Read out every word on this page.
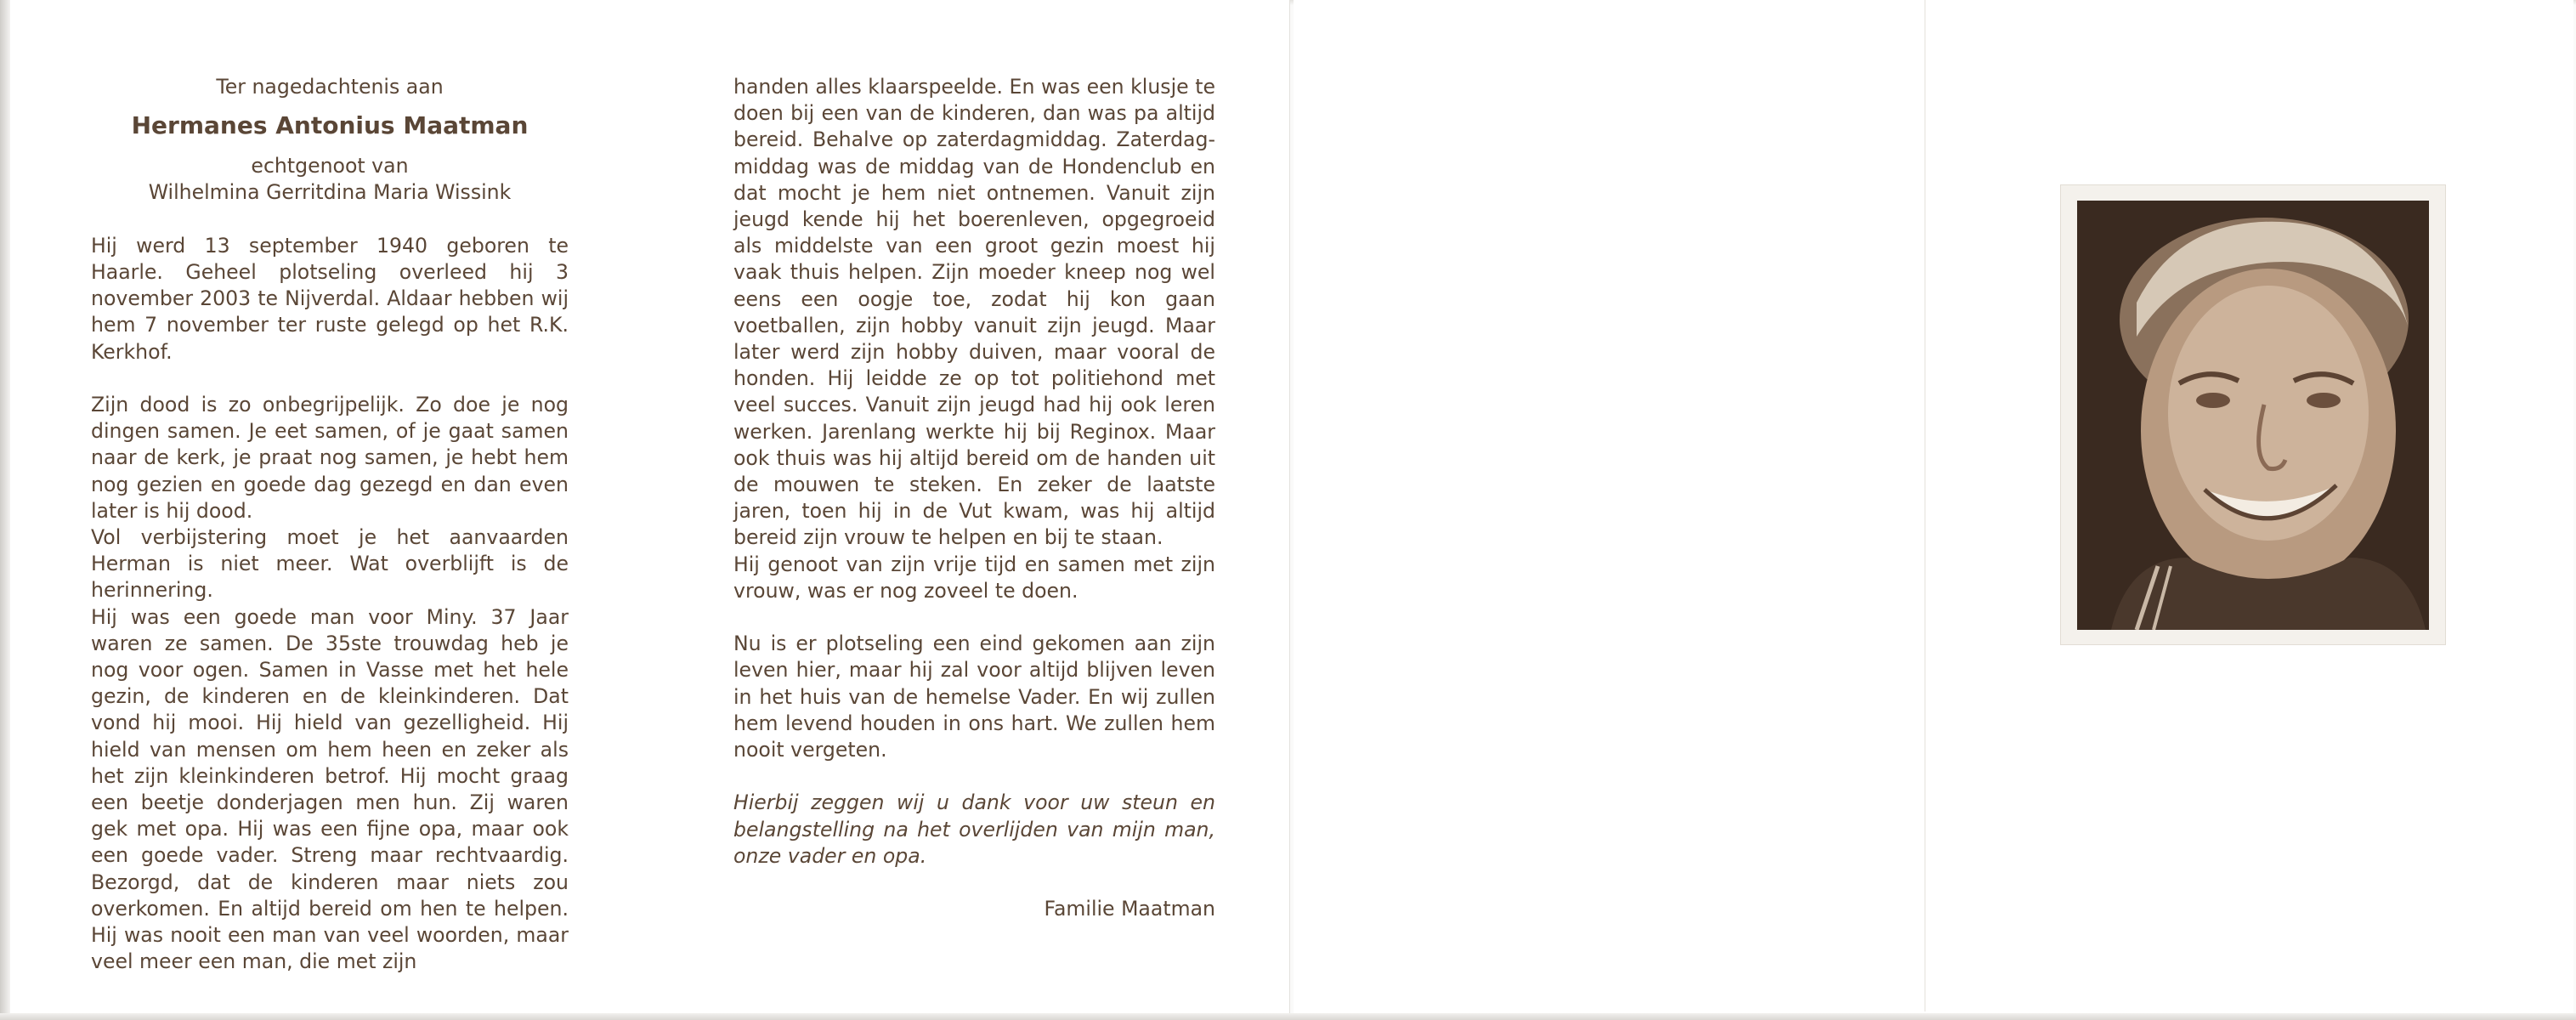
Ter nagedachtenis aan

Hermanes Antonius Maatman

echtgenoot van

Wilhelmina Gerritdina Maria Wissink

Hij werd 13 september 1940 geboren te Haarle. Geheel plotseling overleed hij 3 november 2003 te Nijverdal. Aldaar hebben wij hem 7 november ter ruste gelegd op het R.K. Kerkhof.

Zijn dood is zo onbegrijpelijk. Zo doe je nog dingen samen. Je eet samen, of je gaat samen naar de kerk, je praat nog samen, je hebt hem nog gezien en goede dag gezegd en dan even later is hij dood.

Vol verbijstering moet je het aanvaarden Herman is niet meer. Wat overblijft is de herinnering.

Hij was een goede man voor Miny. 37 Jaar waren ze samen. De 35ste trouwdag heb je nog voor ogen. Samen in Vasse met het hele gezin, de kinderen en de kleinkinderen. Dat vond hij mooi. Hij hield van gezelligheid. Hij hield van mensen om hem heen en zeker als het zijn kleinkinderen betrof. Hij mocht graag een beetje donderjagen men hun. Zij waren gek met opa. Hij was een fijne opa, maar ook een goede vader. Streng maar rechtvaardig. Bezorgd, dat de kinderen maar niets zou overkomen. En altijd bereid om hen te helpen. Hij was nooit een man van veel woorden, maar veel meer een man, die met zijn

handen alles klaarspeelde. En was een klusje te doen bij een van de kinderen, dan was pa altijd bereid. Behalve op zaterdagmiddag. Zaterdag-middag was de middag van de Hondenclub en dat mocht je hem niet ontnemen. Vanuit zijn jeugd kende hij het boerenleven, opgegroeid als middelste van een groot gezin moest hij vaak thuis helpen. Zijn moeder kneep nog wel eens een oogje toe, zodat hij kon gaan voetballen, zijn hobby vanuit zijn jeugd. Maar later werd zijn hobby duiven, maar vooral de honden. Hij leidde ze op tot politiehond met veel succes. Vanuit zijn jeugd had hij ook leren werken. Jarenlang werkte hij bij Reginox. Maar ook thuis was hij altijd bereid om de handen uit de mouwen te steken. En zeker de laatste jaren, toen hij in de Vut kwam, was hij altijd bereid zijn vrouw te helpen en bij te staan.

Hij genoot van zijn vrije tijd en samen met zijn vrouw, was er nog zoveel te doen.

Nu is er plotseling een eind gekomen aan zijn leven hier, maar hij zal voor altijd blijven leven in het huis van de hemelse Vader. En wij zullen hem levend houden in ons hart. We zullen hem nooit vergeten.

Hierbij zeggen wij u dank voor uw steun en belangstelling na het overlijden van mijn man, onze vader en opa.

Familie Maatman
